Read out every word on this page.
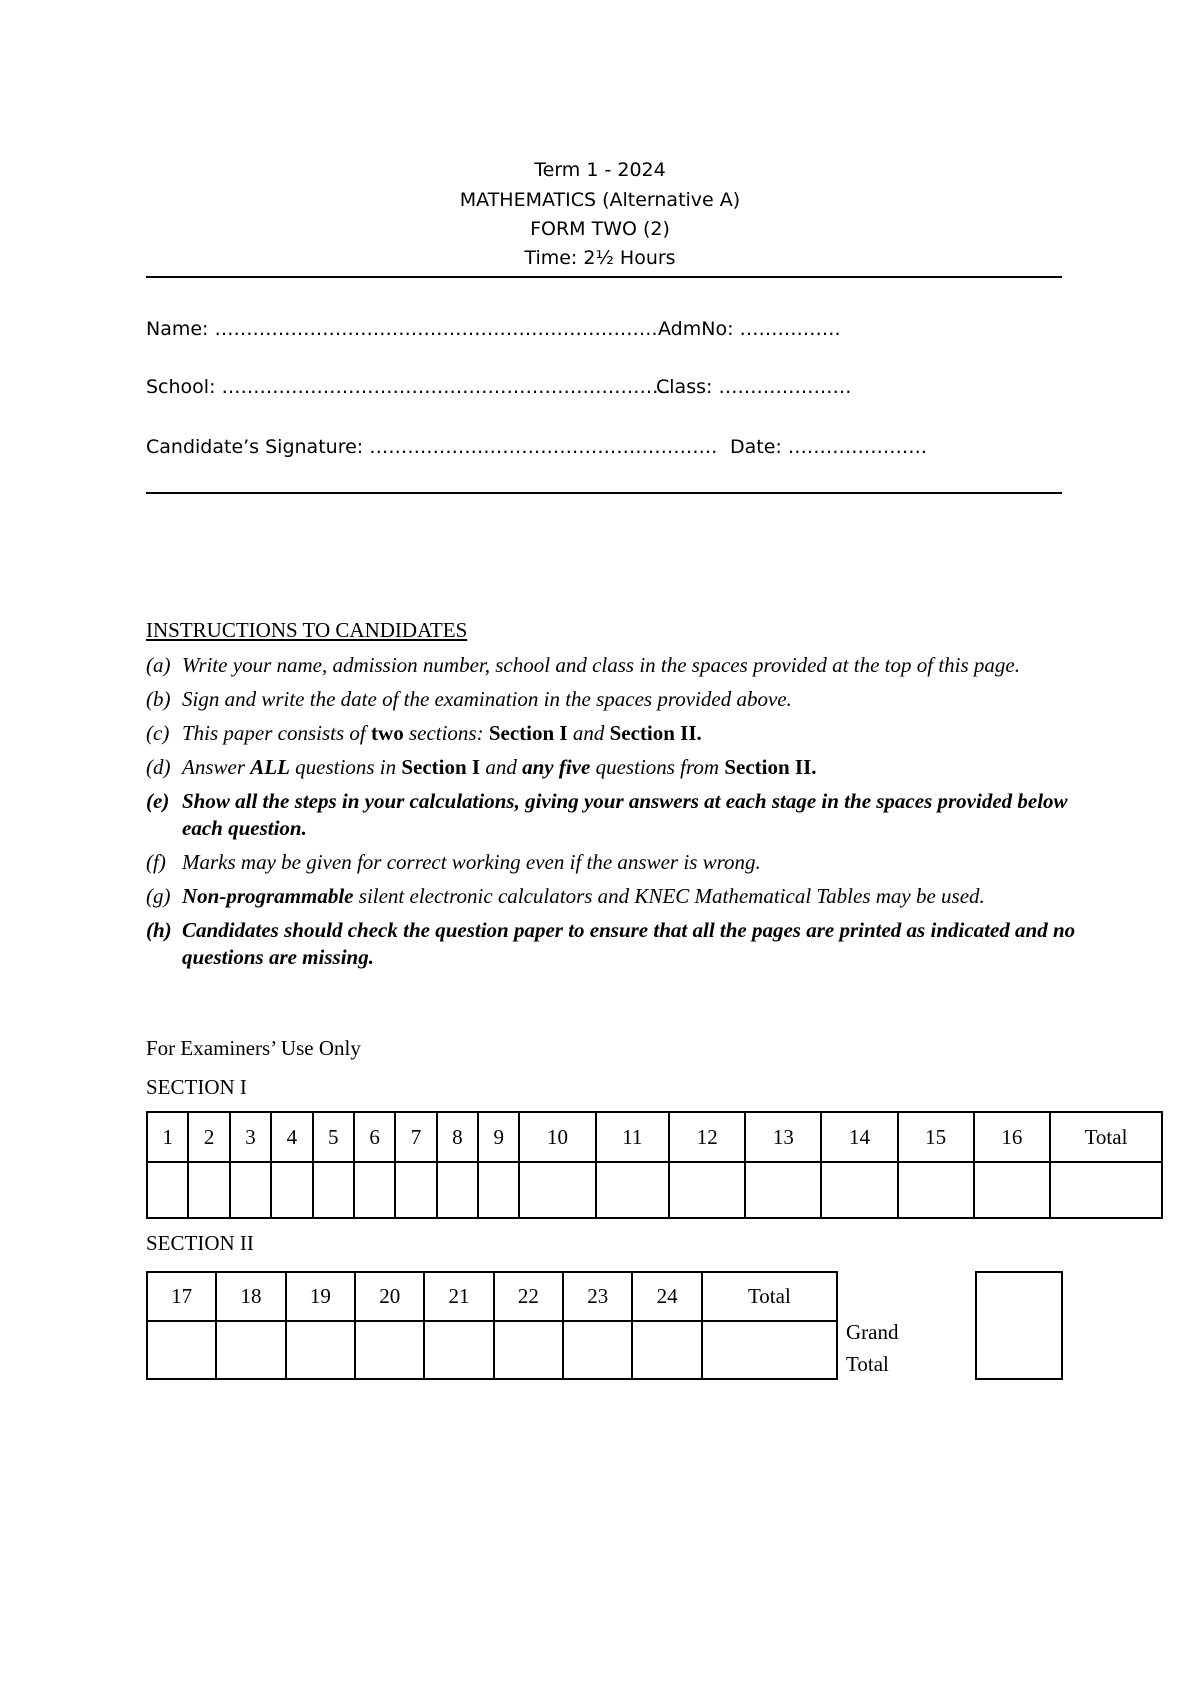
Term 1 - 2024
MATHEMATICS (Alternative A)
FORM TWO (2)
Time: 2½ Hours
Name: ……………………………………………………………. AdmNo: …………….
School: ……………………………………………………………..
Class: …………………
Candidate’s Signature: ………………………………………………. Date: ………………….
INSTRUCTIONS TO CANDIDATES
(a) Write your name, admission number, school and class in the spaces provided at the top of this page.
(b) Sign and write the date of the examination in the spaces provided above.
(c) This paper consists of two sections: Section I and Section II.
(d) Answer ALL questions in Section I and any five questions from Section II.
(e) Show all the steps in your calculations, giving your answers at each stage in the spaces provided below each question.
(f) Marks may be given for correct working even if the answer is wrong.
(g) Non-programmable silent electronic calculators and KNEC Mathematical Tables may be used.
(h) Candidates should check the question paper to ensure that all the pages are printed as indicated and no questions are missing.
For Examiners’ Use Only
SECTION I
1	2	3	4	5	6	7	8	9	10	11	12	13	14	15	16	Total

SECTION II
17	18	19	20	21	22	23	24	Total

Grand
Total
